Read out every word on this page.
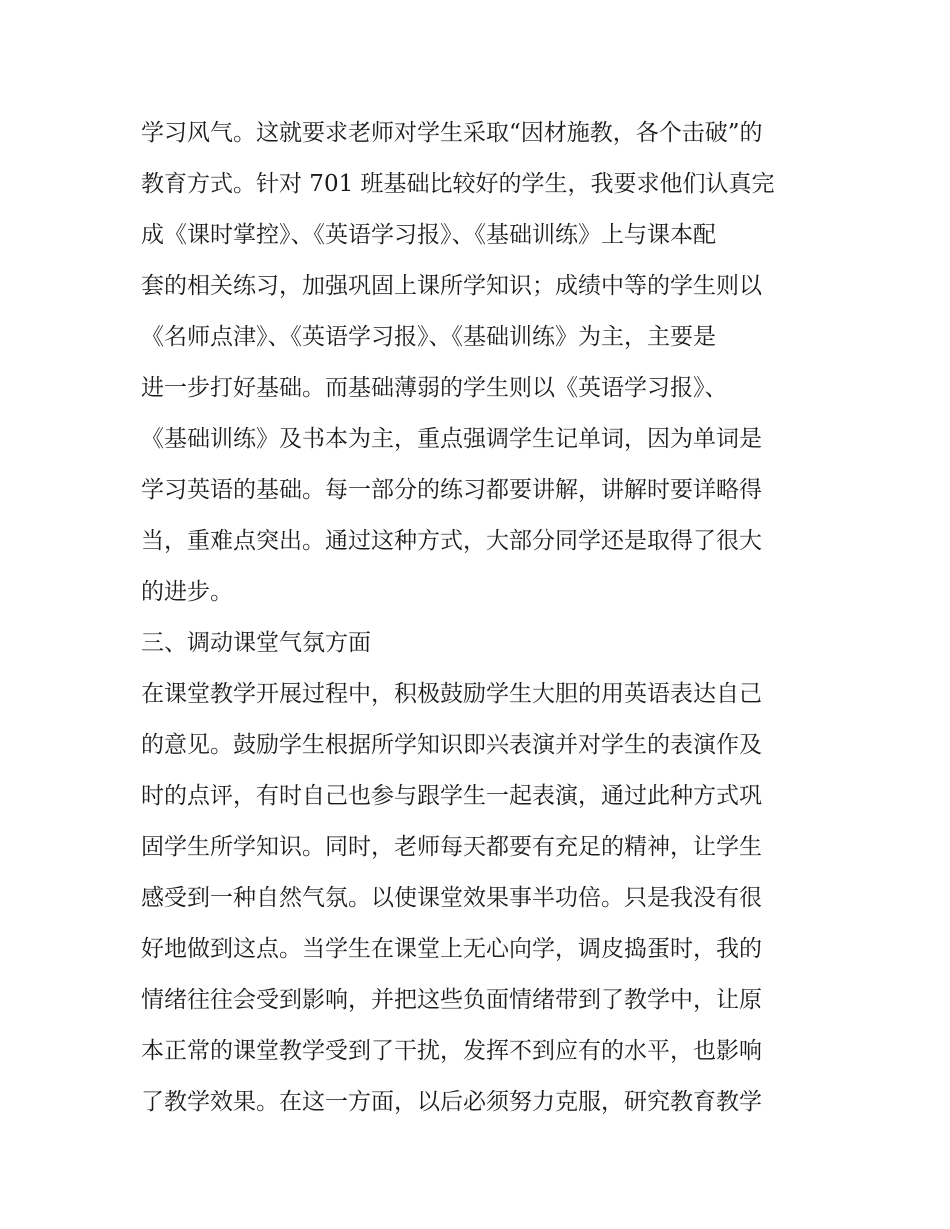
学习风气。这就要求老师对学生采取“因材施教，各个击破”的
教育方式。针对 701 班基础比较好的学生，我要求他们认真完
成《课时掌控》、《英语学习报》、《基础训练》上与课本配
套的相关练习，加强巩固上课所学知识；成绩中等的学生则以
《名师点津》、《英语学习报》、《基础训练》为主，主要是
进一步打好基础。而基础薄弱的学生则以《英语学习报》、
《基础训练》及书本为主，重点强调学生记单词，因为单词是
学习英语的基础。每一部分的练习都要讲解，讲解时要详略得
当，重难点突出。通过这种方式，大部分同学还是取得了很大
的进步。
三、调动课堂气氛方面
在课堂教学开展过程中，积极鼓励学生大胆的用英语表达自己
的意见。鼓励学生根据所学知识即兴表演并对学生的表演作及
时的点评，有时自己也参与跟学生一起表演，通过此种方式巩
固学生所学知识。同时，老师每天都要有充足的精神，让学生
感受到一种自然气氛。以使课堂效果事半功倍。只是我没有很
好地做到这点。当学生在课堂上无心向学，调皮捣蛋时，我的
情绪往往会受到影响，并把这些负面情绪带到了教学中，让原
本正常的课堂教学受到了干扰，发挥不到应有的水平，也影响
了教学效果。在这一方面，以后必须努力克服，研究教育教学
